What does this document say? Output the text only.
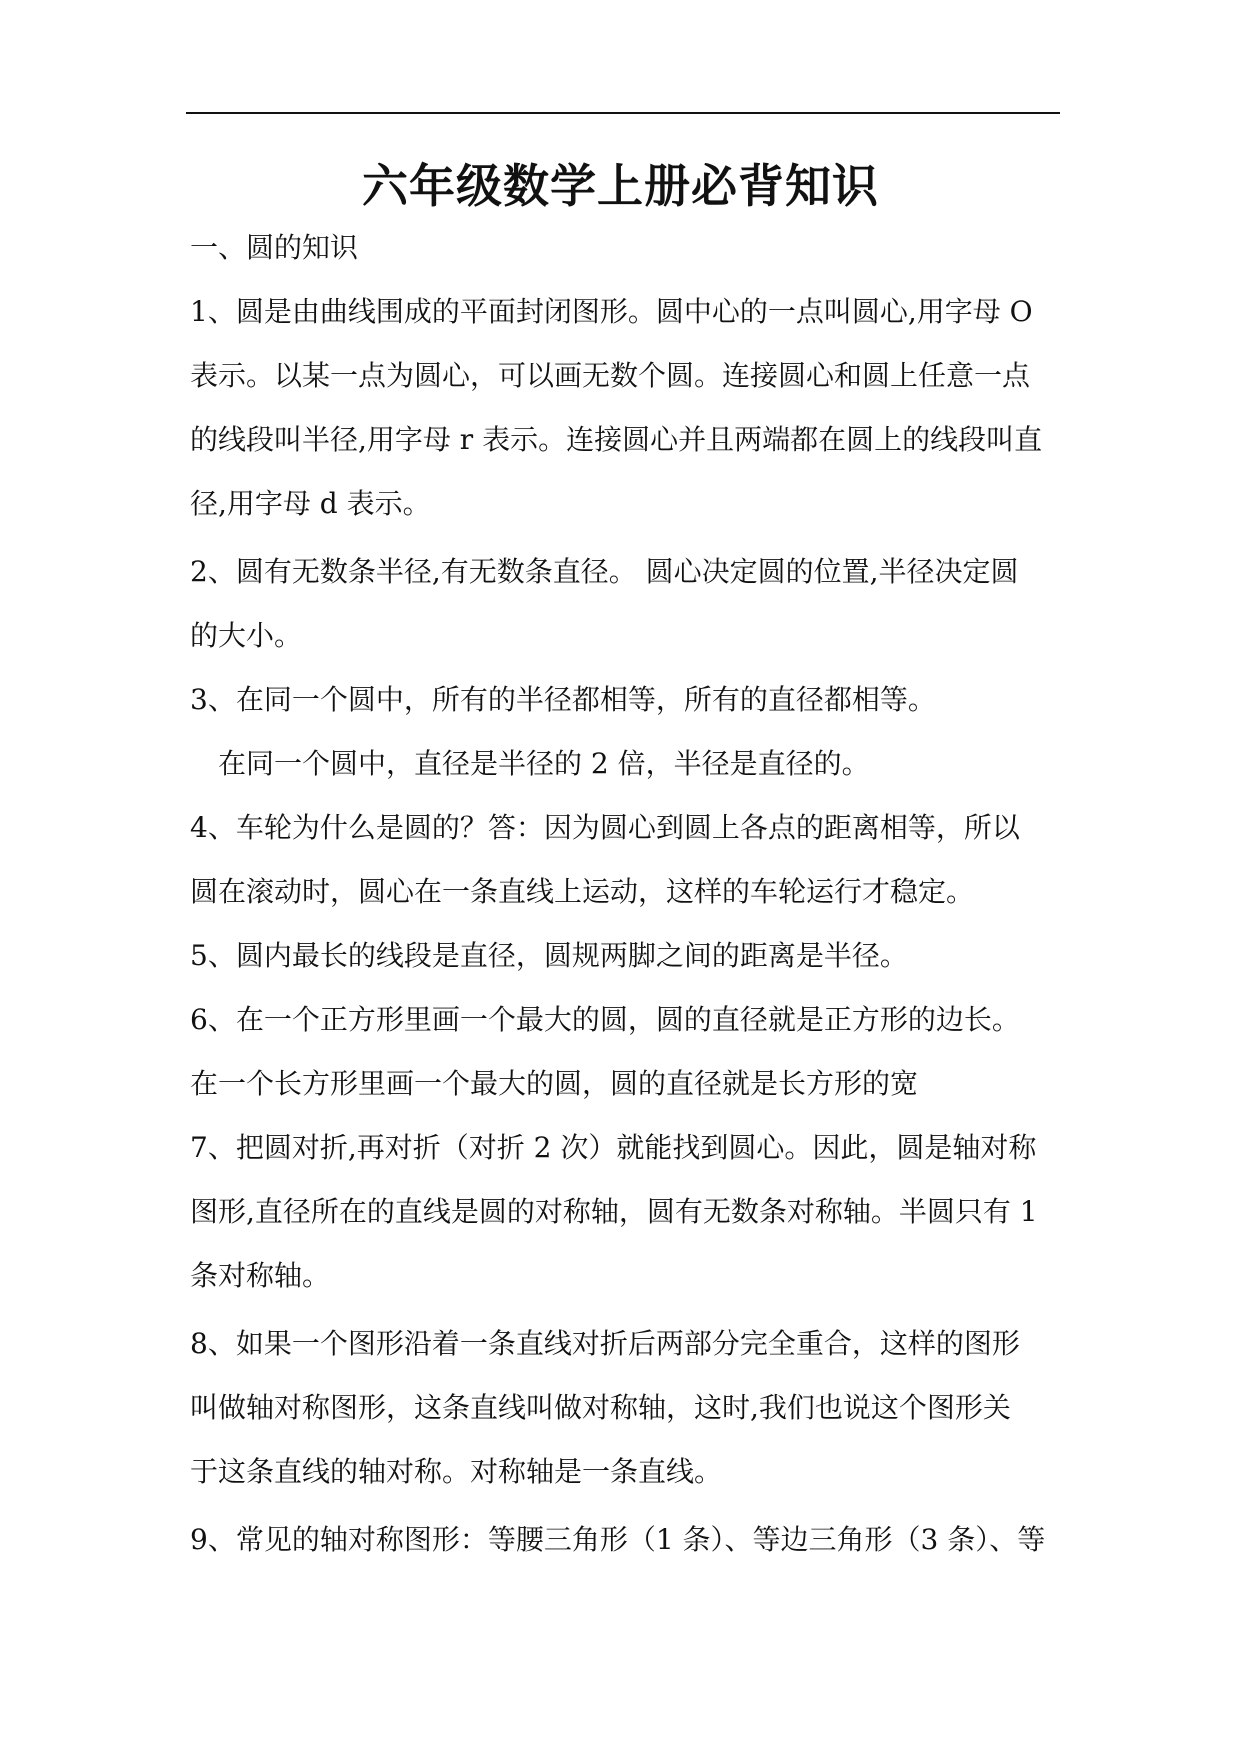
六年级数学上册必背知识
一、圆的知识
1、圆是由曲线围成的平面封闭图形。圆中心的一点叫圆心,用字母 O
表示。以某一点为圆心，可以画无数个圆。连接圆心和圆上任意一点
的线段叫半径,用字母 r 表示。连接圆心并且两端都在圆上的线段叫直
径,用字母 d 表示。
2、圆有无数条半径,有无数条直径。 圆心决定圆的位置,半径决定圆
的大小。
3、在同一个圆中，所有的半径都相等，所有的直径都相等。
在同一个圆中，直径是半径的 2 倍，半径是直径的。
4、车轮为什么是圆的？答：因为圆心到圆上各点的距离相等，所以
圆在滚动时，圆心在一条直线上运动，这样的车轮运行才稳定。
5、圆内最长的线段是直径，圆规两脚之间的距离是半径。
6、在一个正方形里画一个最大的圆，圆的直径就是正方形的边长。
在一个长方形里画一个最大的圆，圆的直径就是长方形的宽
7、把圆对折,再对折（对折 2 次）就能找到圆心。因此，圆是轴对称
图形,直径所在的直线是圆的对称轴，圆有无数条对称轴。半圆只有 1
条对称轴。
8、如果一个图形沿着一条直线对折后两部分完全重合，这样的图形
叫做轴对称图形，这条直线叫做对称轴，这时,我们也说这个图形关
于这条直线的轴对称。对称轴是一条直线。
9、常见的轴对称图形：等腰三角形（1 条）、等边三角形（3 条）、等
